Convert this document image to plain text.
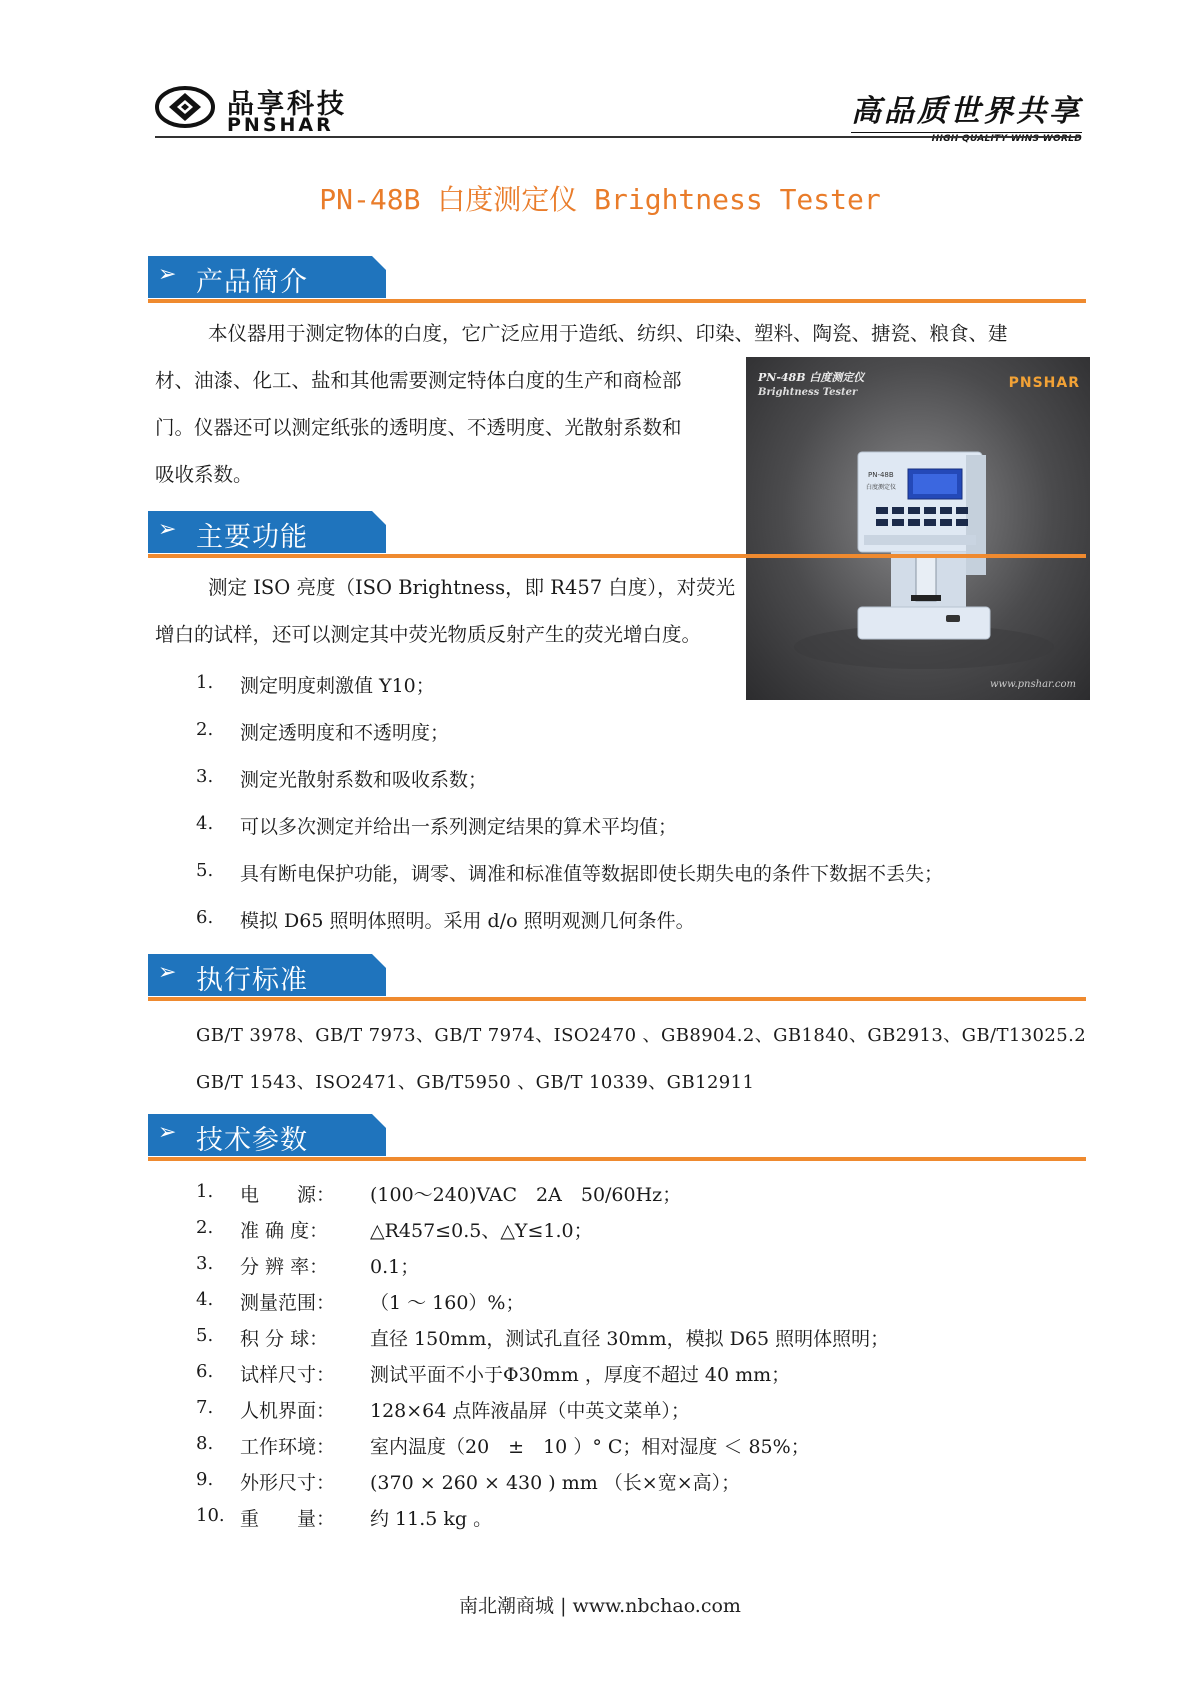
品享科技
PNSHAR	高品质世界共享
HIGH QUALITY WINS WORLD
PN-48B 白度测定仪 Brightness Tester
➢ 产品简介
本仪器用于测定物体的白度，它广泛应用于造纸、纺织、印染、塑料、陶瓷、搪瓷、粮食、建
材、油漆、化工、盐和其他需要测定特体白度的生产和商检部
门。仪器还可以测定纸张的透明度、不透明度、光散射系数和
吸收系数。
PN-48B 白度测定仪
Brightness Tester
PNSHAR
PN-48B
白度测定仪
www.pnshar.com
➢ 主要功能
测定 ISO 亮度（ISO Brightness，即 R457 白度），对荧光
增白的试样，还可以测定其中荧光物质反射产生的荧光增白度。
1. 测定明度刺激值 Y10；
2. 测定透明度和不透明度；
3. 测定光散射系数和吸收系数；
4. 可以多次测定并给出一系列测定结果的算术平均值；
5. 具有断电保护功能，调零、调准和标准值等数据即使长期失电的条件下数据不丢失；
6. 模拟 D65 照明体照明。采用 d/o 照明观测几何条件。
➢ 执行标准
GB/T 3978、GB/T 7973、GB/T 7974、ISO2470 、GB8904.2、GB1840、GB2913、GB/T13025.2
GB/T 1543、ISO2471、GB/T5950 、GB/T 10339、GB12911
➢ 技术参数
1. 电　　源： (100～240)VAC　2A　50/60Hz；
2. 准 确 度： △R457≤0.5、△Y≤1.0；
3. 分 辨 率： 0.1；
4. 测量范围： （1 ～ 160）%；
5. 积 分 球： 直径 150mm，测试孔直径 30mm，模拟 D65 照明体照明；
6. 试样尺寸： 测试平面不小于Φ30mm ，厚度不超过 40 mm；
7. 人机界面： 128×64 点阵液晶屏（中英文菜单）；
8. 工作环境： 室内温度（20　±　10 ）° C；相对湿度 ＜ 85%；
9. 外形尺寸： (370 × 260 × 430 ) mm （长×宽×高）；
10. 重　　量： 约 11.5 kg 。
南北潮商城 | www.nbchao.com
